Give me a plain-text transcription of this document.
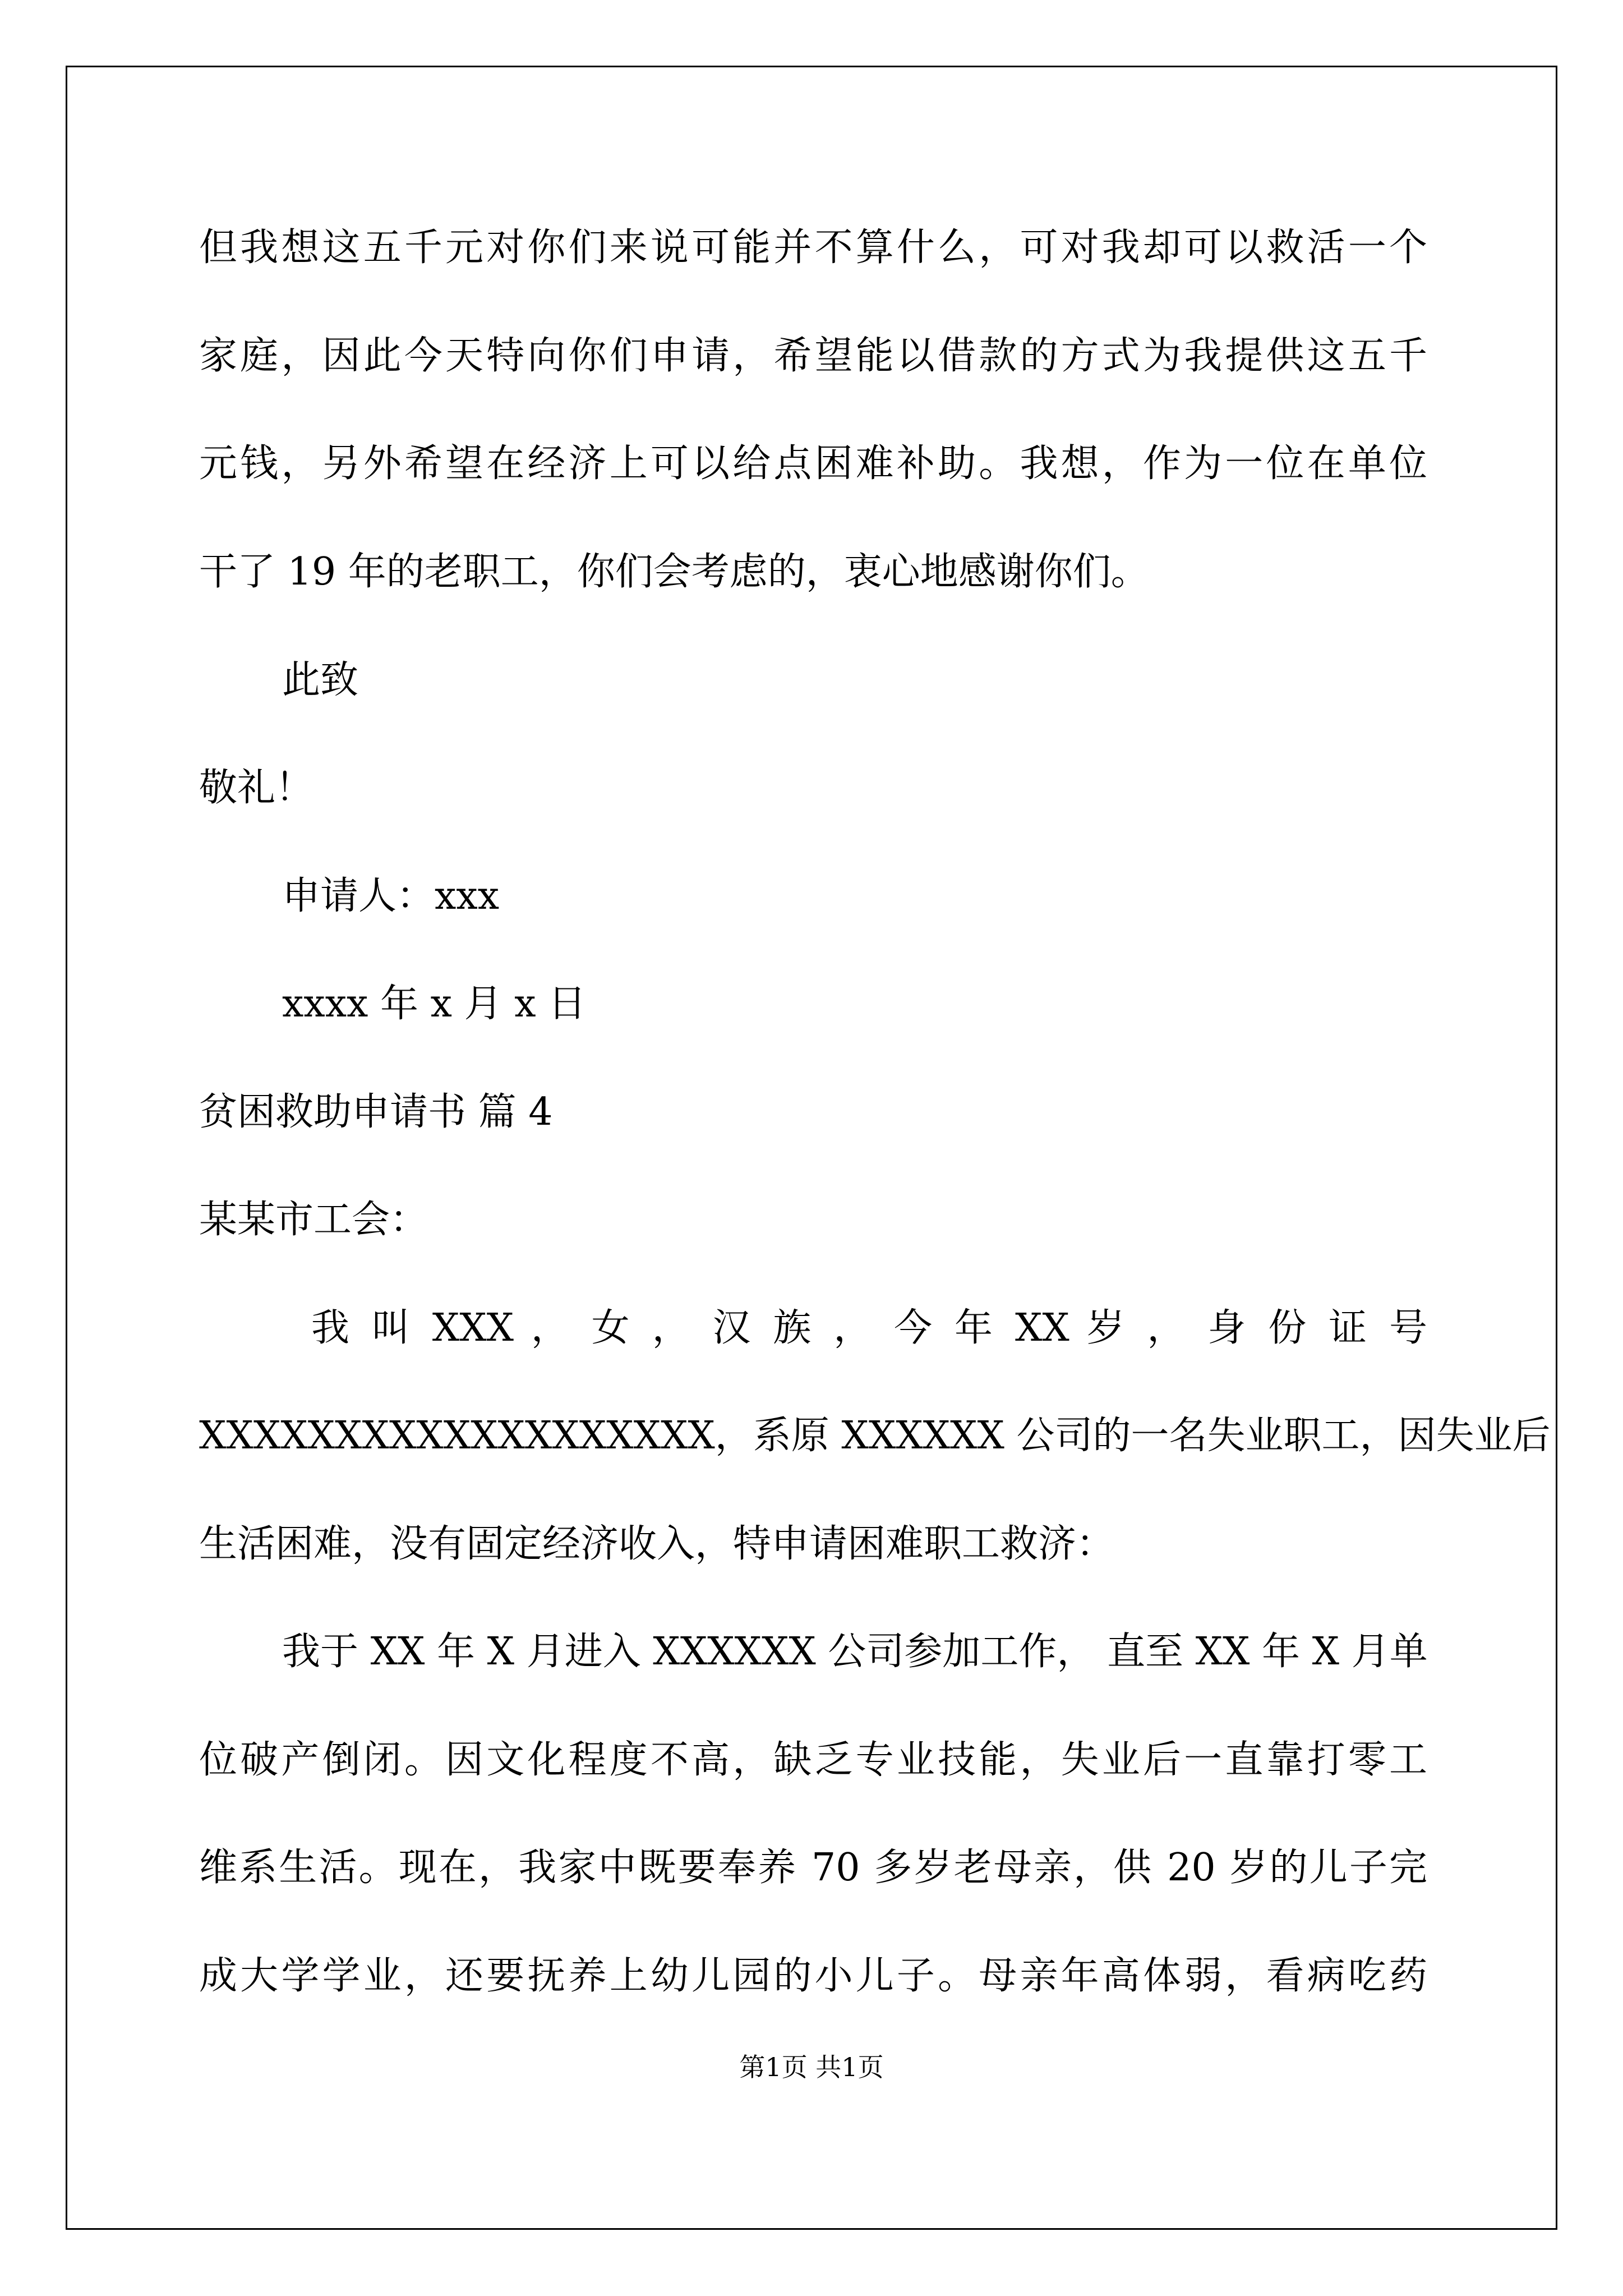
但我想这五千元对你们来说可能并不算什么，可对我却可以救活一个
家庭，因此今天特向你们申请，希望能以借款的方式为我提供这五千
元钱，另外希望在经济上可以给点困难补助。我想，作为一位在单位
干了 19 年的老职工，你们会考虑的，衷心地感谢你们。
此致
敬礼！
申请人：xxx
xxxx 年 x 月 x 日
贫困救助申请书 篇 4
某某市工会：
我 叫 XXX ， 女 ， 汉 族 ， 今 年 XX 岁 ， 身 份 证 号
XXXXXXXXXXXXXXXXXXX，系原 XXXXXX 公司的一名失业职工，因失业后
生活困难，没有固定经济收入，特申请困难职工救济：
我于 XX 年 X 月进入 XXXXXX 公司参加工作， 直至 XX 年 X 月单
位破产倒闭。因文化程度不高，缺乏专业技能，失业后一直靠打零工
维系生活。现在，我家中既要奉养 70 多岁老母亲，供 20 岁的儿子完
成大学学业，还要抚养上幼儿园的小儿子。母亲年高体弱，看病吃药
第1页 共1页
